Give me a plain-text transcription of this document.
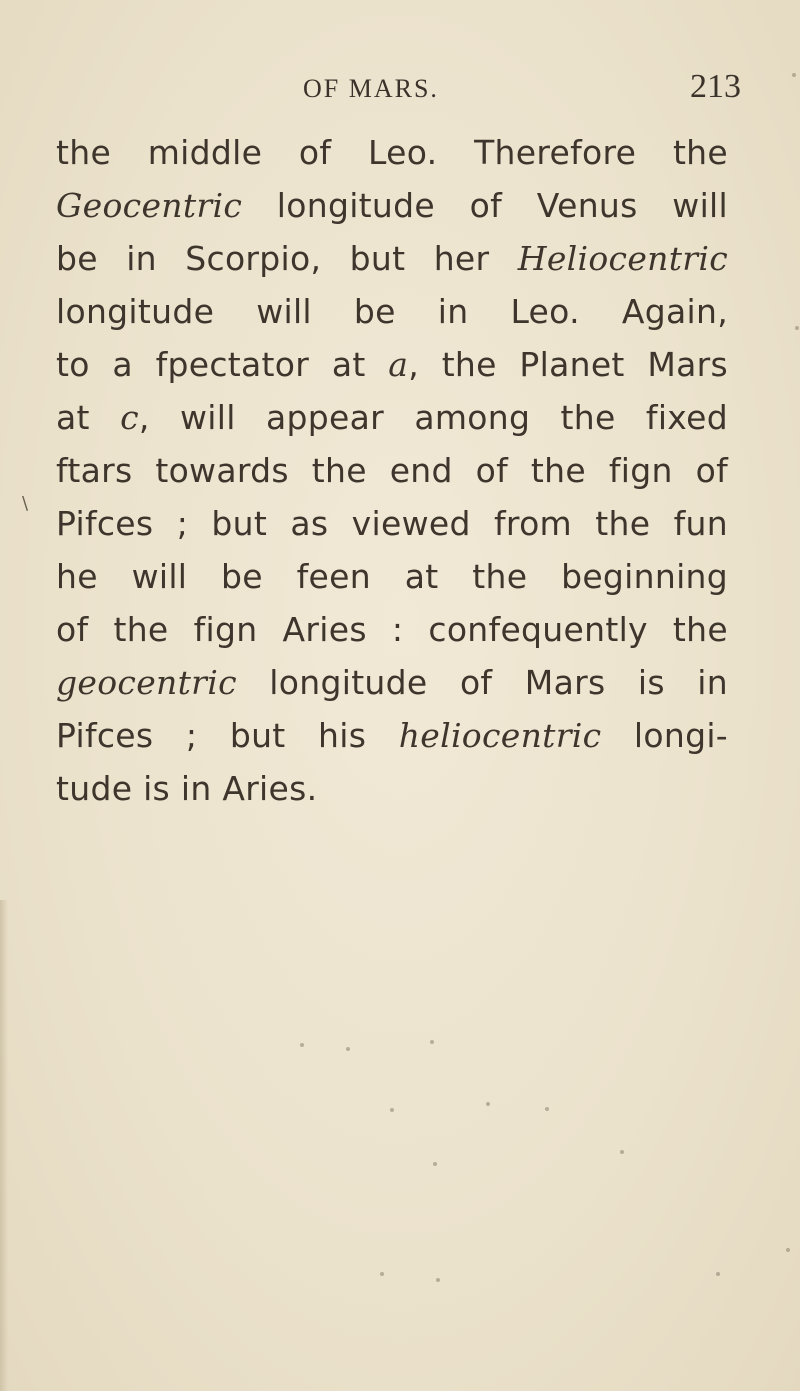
OF MARS.	213
\
the middle of Leo. Therefore the
Geocentric longitude of Venus will
be in Scorpio, but her Heliocentric
longitude will be in Leo. Again,
to a fpectator at a, the Planet Mars
at c, will appear among the fixed
ftars towards the end of the fign of
Pifces ; but as viewed from the fun
he will be feen at the beginning
of the fign Aries : confequently the
geocentric longitude of Mars is in
Pifces ; but his heliocentric longi-
tude is in Aries.
